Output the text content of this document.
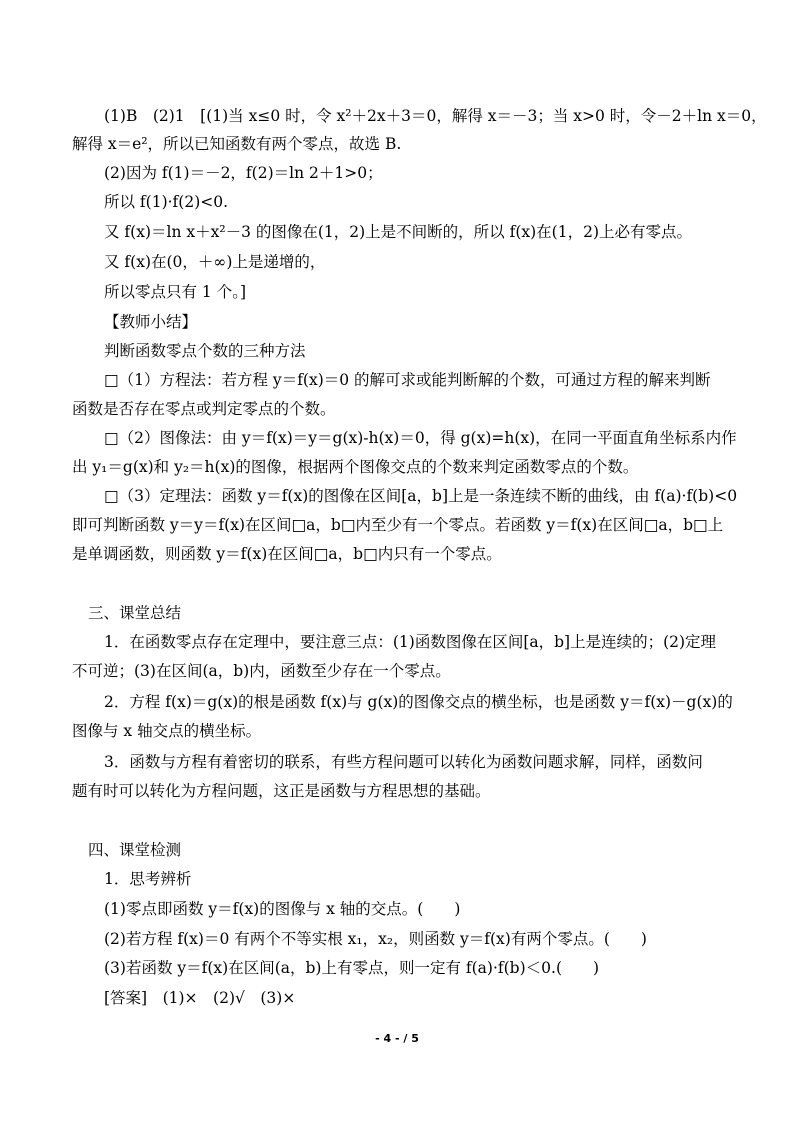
(1)B　(2)1　[(1)当 x≤0 时，令 x²＋2x＋3＝0，解得 x＝－3；当 x>0 时，令－2＋ln x＝0，
解得 x＝e²，所以已知函数有两个零点，故选 B.
(2)因为 f(1)＝－2，f(2)＝ln 2＋1>0；
所以 f(1)·f(2)<0.
又 f(x)＝ln x＋x²－3 的图像在(1，2)上是不间断的，所以 f(x)在(1，2)上必有零点。
又 f(x)在(0，＋∞)上是递增的，
所以零点只有 1 个。]
【教师小结】
判断函数零点个数的三种方法
□（1）方程法：若方程 y＝f(x)＝0 的解可求或能判断解的个数，可通过方程的解来判断
函数是否存在零点或判定零点的个数。
□（2）图像法：由 y＝f(x)＝y＝g(x)-h(x)＝0，得 g(x)=h(x)，在同一平面直角坐标系内作
出 y₁＝g(x)和 y₂＝h(x)的图像，根据两个图像交点的个数来判定函数零点的个数。
□（3）定理法：函数 y＝f(x)的图像在区间[a，b]上是一条连续不断的曲线，由 f(a)·f(b)<0
即可判断函数 y＝y＝f(x)在区间□a，b□内至少有一个零点。若函数 y＝f(x)在区间□a，b□上
是单调函数，则函数 y＝f(x)在区间□a，b□内只有一个零点。
三、课堂总结
1．在函数零点存在定理中，要注意三点：(1)函数图像在区间[a，b]上是连续的；(2)定理
不可逆；(3)在区间(a，b)内，函数至少存在一个零点。
2．方程 f(x)＝g(x)的根是函数 f(x)与 g(x)的图像交点的横坐标，也是函数 y＝f(x)－g(x)的
图像与 x 轴交点的横坐标。
3．函数与方程有着密切的联系，有些方程问题可以转化为函数问题求解，同样，函数问
题有时可以转化为方程问题，这正是函数与方程思想的基础。
四、课堂检测
1．思考辨析
(1)零点即函数 y＝f(x)的图像与 x 轴的交点。(　　)
(2)若方程 f(x)＝0 有两个不等实根 x₁，x₂，则函数 y＝f(x)有两个零点。(　　)
(3)若函数 y＝f(x)在区间(a，b)上有零点，则一定有 f(a)·f(b)＜0.(　　)
[答案]　(1)×　(2)√　(3)×
- 4 - / 5
